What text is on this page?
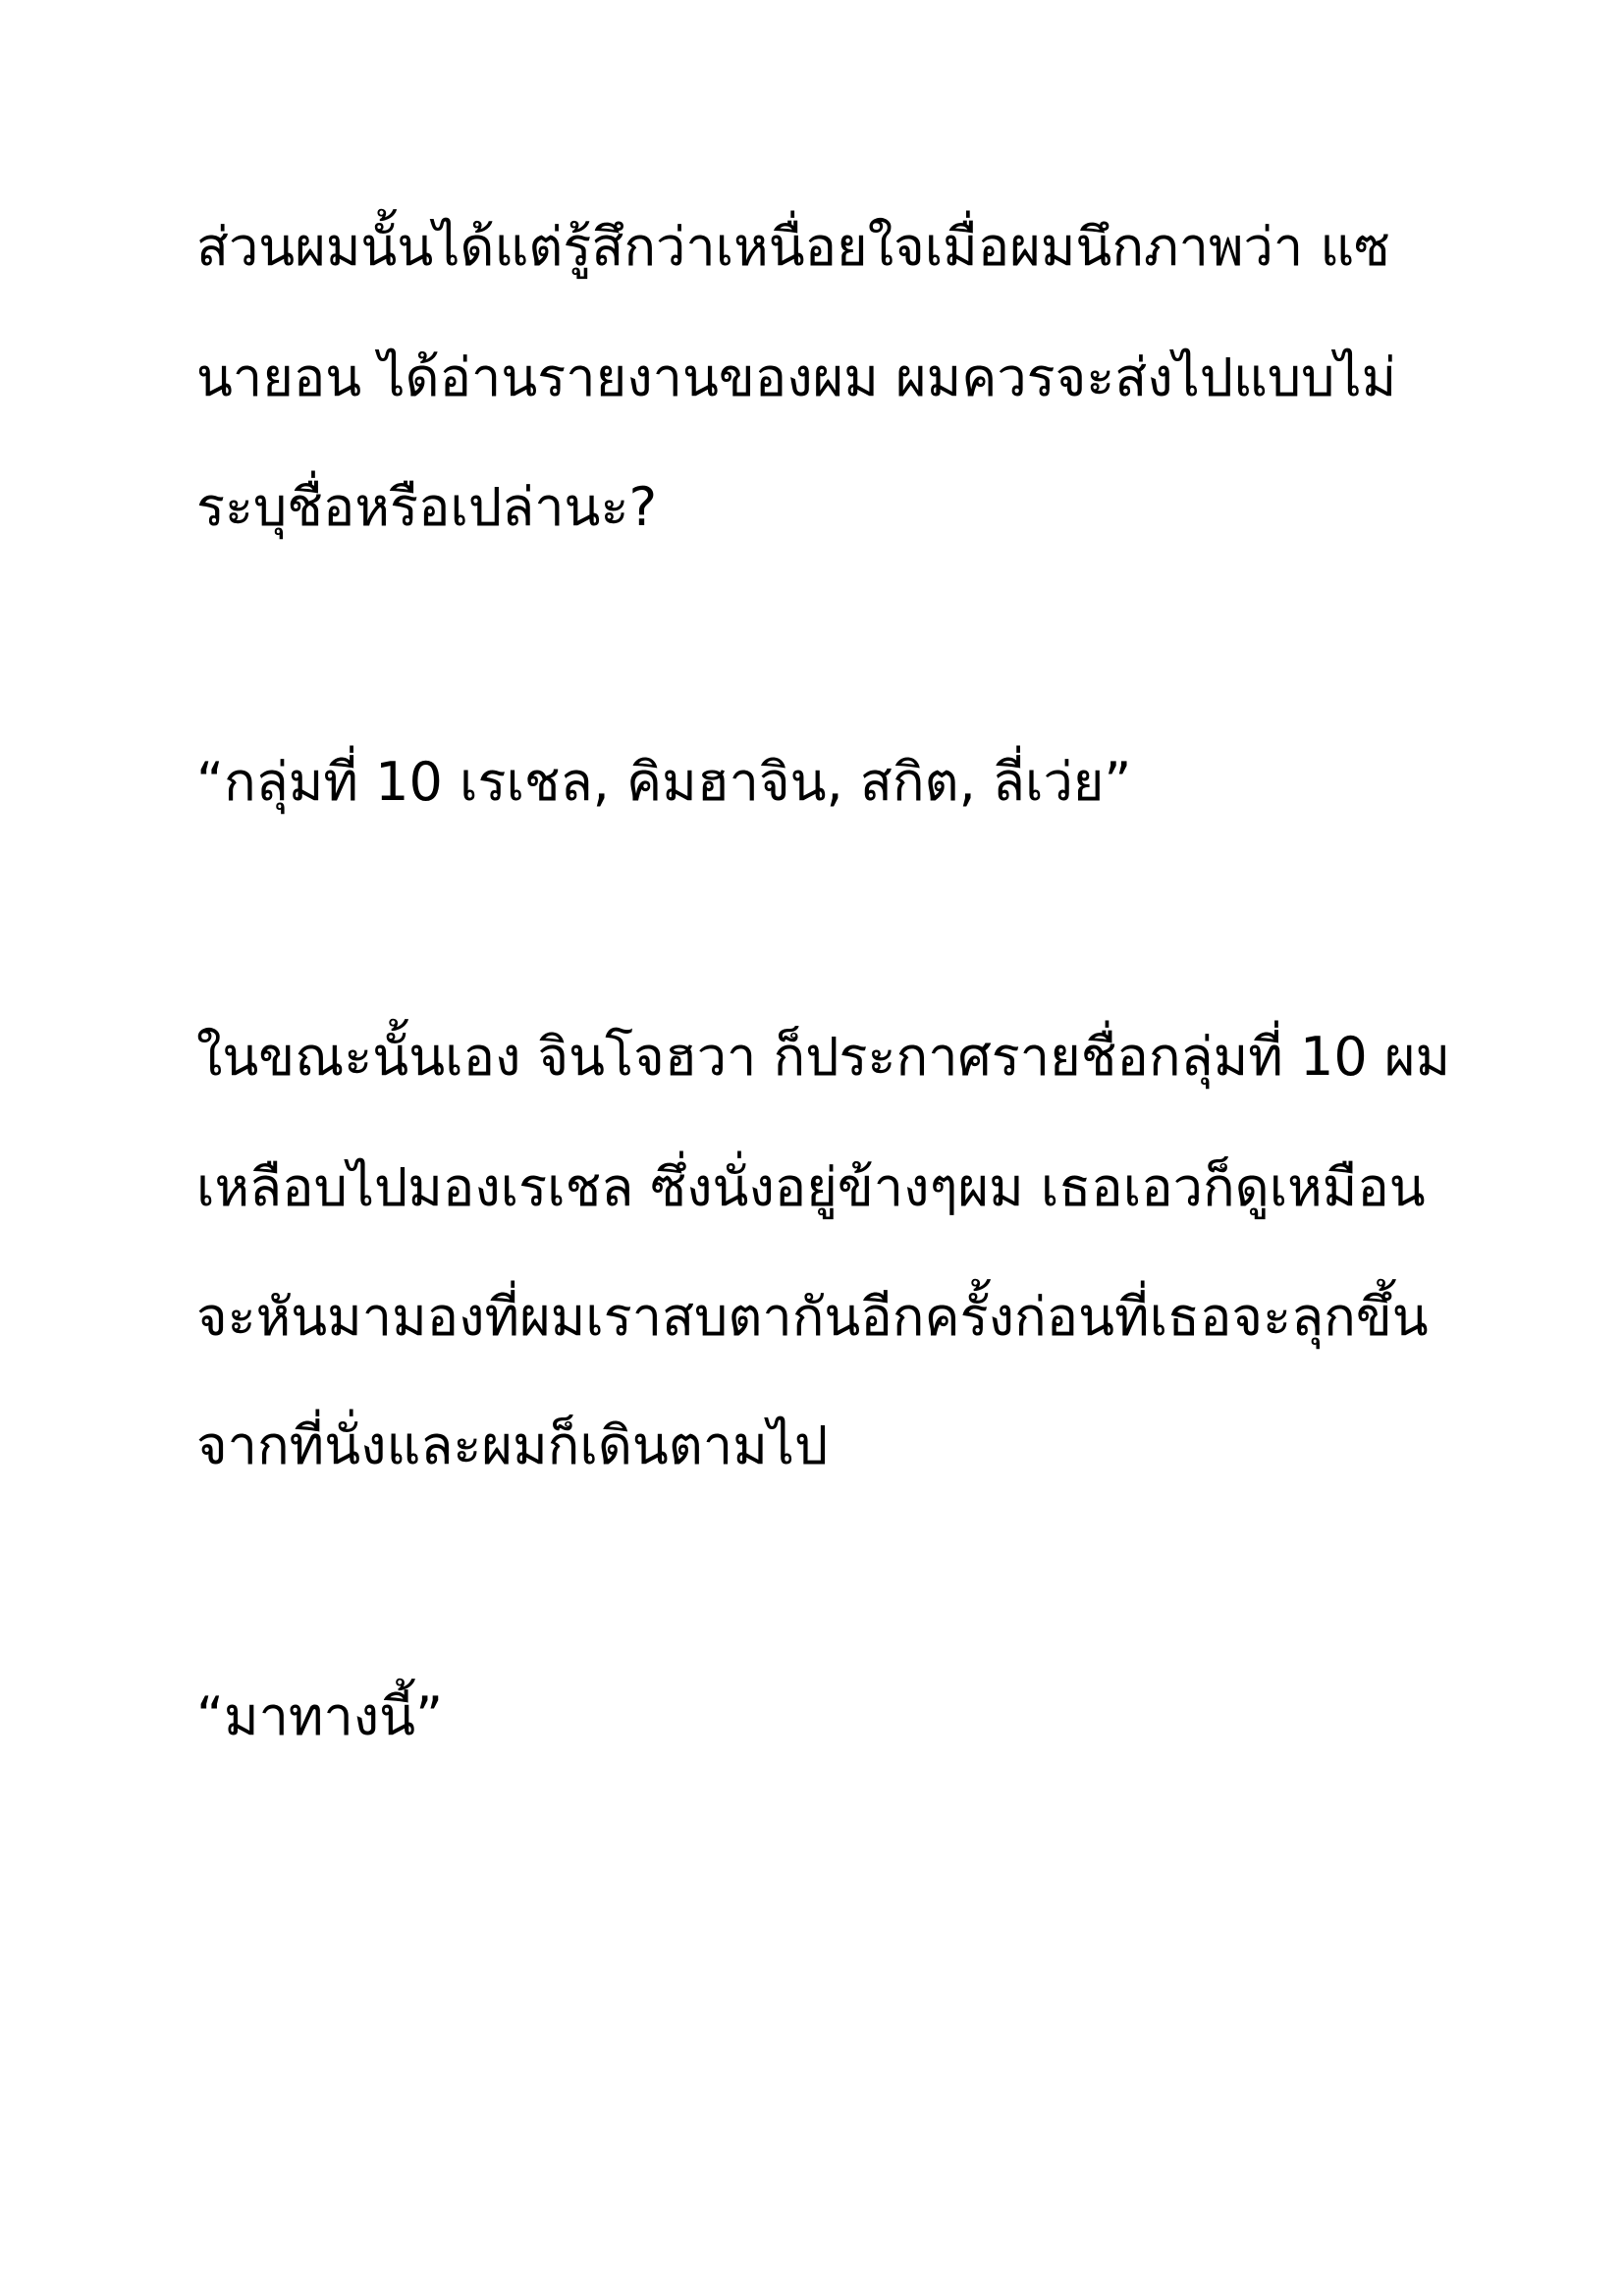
ส่วนผมนั้นได้แต่รู้สึกว่าเหนื่อยใจเมื่อผมนึกภาพว่า แซ

นายอน ได้อ่านรายงานของผม ผมควรจะส่งไปแบบไม่

ระบุชื่อหรือเปล่านะ?

“กลุ่มที่ 10 เรเชล, คิมฮาจิน, สกิต, ลี่เว่ย”

ในขณะนั้นเอง จินโจฮวา ก็ประกาศรายชื่อกลุ่มที่ 10 ผม

เหลือบไปมองเรเชล ซึ่งนั่งอยู่ข้างๆผม เธอเอวก็ดูเหมือน

จะหันมามองที่ผมเราสบตากันอีกครั้งก่อนที่เธอจะลุกขึ้น

จากที่นั่งและผมก็เดินตามไป

“มาทางนี้”
